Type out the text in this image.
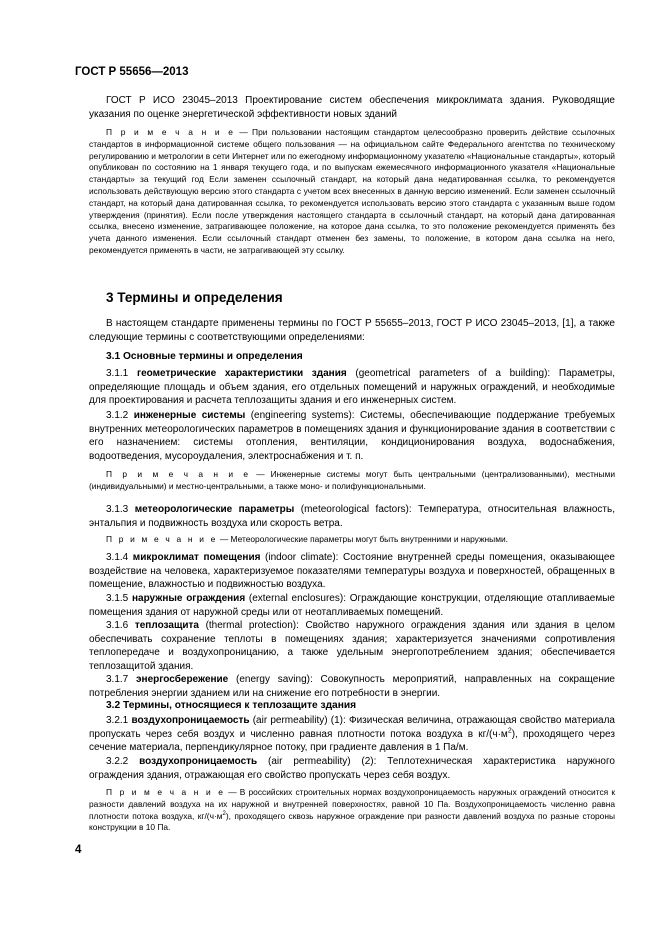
ГОСТ Р 55656—2013

ГОСТ Р ИСО 23045–2013 Проектирование систем обеспечения микроклимата здания. Руководящие указания по оценке энергетической эффективности новых зданий

П р и м е ч а н и е — При пользовании настоящим стандартом целесообразно проверить действие ссылочных стандартов в информационной системе общего пользования — на официальном сайте Федерального агентства по техническому регулированию и метрологии в сети Интернет или по ежегодному информационному указателю «Национальные стандарты», который опубликован по состоянию на 1 января текущего года, и по выпускам ежемесячного информационного указателя «Национальные стандарты» за текущий год Если заменен ссылочный стандарт, на который дана недатированная ссылка, то рекомендуется использовать действующую версию этого стандарта с учетом всех внесенных в данную версию изменений. Если заменен ссылочный стандарт, на который дана датированная ссылка, то рекомендуется использовать версию этого стандарта с указанным выше годом утверждения (принятия). Если после утверждения настоящего стандарта в ссылочный стандарт, на который дана датированная ссылка, внесено изменение, затрагивающее положение, на которое дана ссылка, то это положение рекомендуется применять без учета данного изменения. Если ссылочный стандарт отменен без замены, то положение, в котором дана ссылка на него, рекомендуется применять в части, не затрагивающей эту ссылку.

3 Термины и определения

В настоящем стандарте применены термины по ГОСТ Р 55655–2013, ГОСТ Р ИСО 23045–2013, [1], а также следующие термины с соответствующими определениями:

3.1 Основные термины и определения

3.1.1 геометрические характеристики здания (geometrical parameters of a building): Параметры, определяющие площадь и объем здания, его отдельных помещений и наружных ограждений, и необходимые для проектирования и расчета теплозащиты здания и его инженерных систем.

3.1.2 инженерные системы (engineering systems): Системы, обеспечивающие поддержание требуемых внутренних метеорологических параметров в помещениях здания и функционирование здания в соответствии с его назначением: системы отопления, вентиляции, кондиционирования воздуха, водоснабжения, водоотведения, мусороудаления, электроснабжения и т. п.

П р и м е ч а н и е — Инженерные системы могут быть центральными (централизованными), местными (индивидуальными) и местно-центральными, а также моно- и полифункциональными.

3.1.3 метеорологические параметры (meteorological factors): Температура, относительная влажность, энтальпия и подвижность воздуха или скорость ветра.

П р и м е ч а н и е — Метеорологические параметры могут быть внутренними и наружными.

3.1.4 микроклимат помещения (indoor climate): Состояние внутренней среды помещения, оказывающее воздействие на человека, характеризуемое показателями температуры воздуха и поверхностей, обращенных в помещение, влажностью и подвижностью воздуха.

3.1.5 наружные ограждения (external enclosures): Ограждающие конструкции, отделяющие отапливаемые помещения здания от наружной среды или от неотапливаемых помещений.

3.1.6 теплозащита (thermal protection): Свойство наружного ограждения здания или здания в целом обеспечивать сохранение теплоты в помещениях здания; характеризуется значениями сопротивления теплопередаче и воздухопроницанию, а также удельным энергопотреблением здания; обеспечивается теплозащитой здания.

3.1.7 энергосбережение (energy saving): Совокупность мероприятий, направленных на сокращение потребления энергии зданием или на снижение его потребности в энергии.

3.2 Термины, относящиеся к теплозащите здания

3.2.1 воздухопроницаемость (air permeability) (1): Физическая величина, отражающая свойство материала пропускать через себя воздух и численно равная плотности потока воздуха в $кг/(ч\cdot м^2)$, проходящего через сечение материала, перпендикулярное потоку, при градиенте давления в 1 Па/м.

3.2.2 воздухопроницаемость (air permeability) (2): Теплотехническая характеристика наружного ограждения здания, отражающая его свойство пропускать через себя воздух.

П р и м е ч а н и е — В российских строительных нормах воздухопроницаемость наружных ограждений относится к разности давлений воздуха на их наружной и внутренней поверхностях, равной 10 Па. Воздухопроницаемость численно равна плотности потока воздуха, $кг/(ч\cdot м^2)$, проходящего сквозь наружное ограждение при разности давлений воздуха по разные стороны конструкции в 10 Па.

4
